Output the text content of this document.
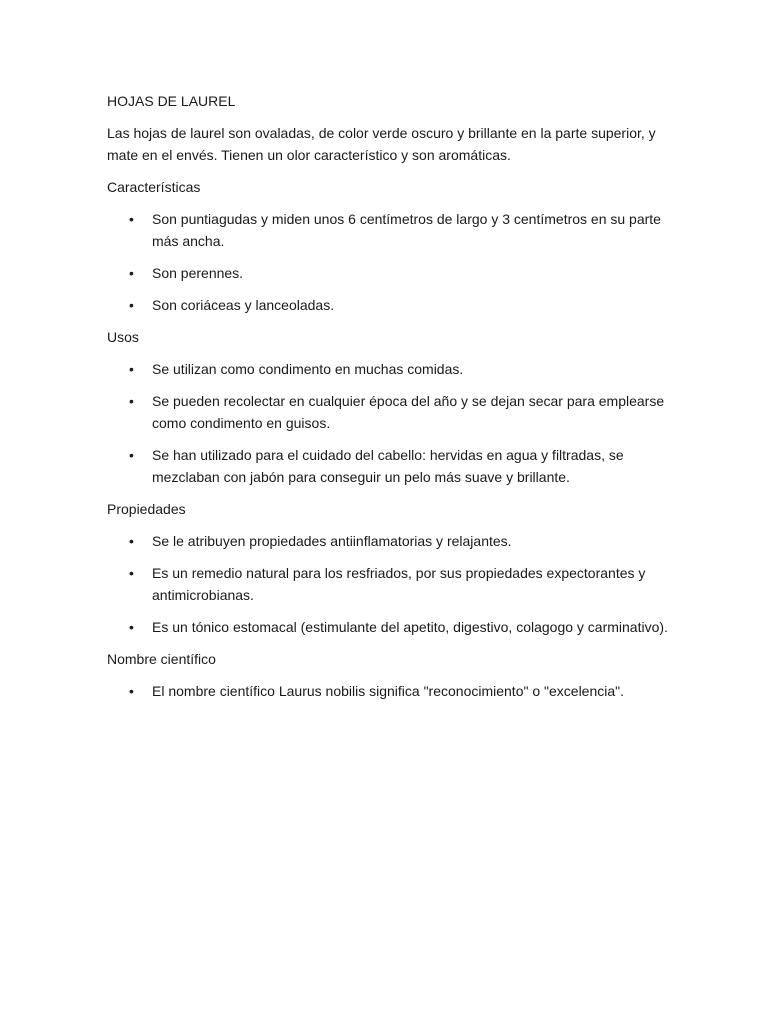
HOJAS DE LAUREL

Las hojas de laurel son ovaladas, de color verde oscuro y brillante en la parte superior, y mate en el envés. Tienen un olor característico y son aromáticas.

Características

• Son puntiagudas y miden unos 6 centímetros de largo y 3 centímetros en su parte más ancha.
• Son perennes.
• Son coriáceas y lanceoladas.

Usos

• Se utilizan como condimento en muchas comidas.
• Se pueden recolectar en cualquier época del año y se dejan secar para emplearse como condimento en guisos.
• Se han utilizado para el cuidado del cabello: hervidas en agua y filtradas, se mezclaban con jabón para conseguir un pelo más suave y brillante.

Propiedades

• Se le atribuyen propiedades antiinflamatorias y relajantes.
• Es un remedio natural para los resfriados, por sus propiedades expectorantes y antimicrobianas.
• Es un tónico estomacal (estimulante del apetito, digestivo, colagogo y carminativo).

Nombre científico

• El nombre científico Laurus nobilis significa "reconocimiento" o "excelencia".
